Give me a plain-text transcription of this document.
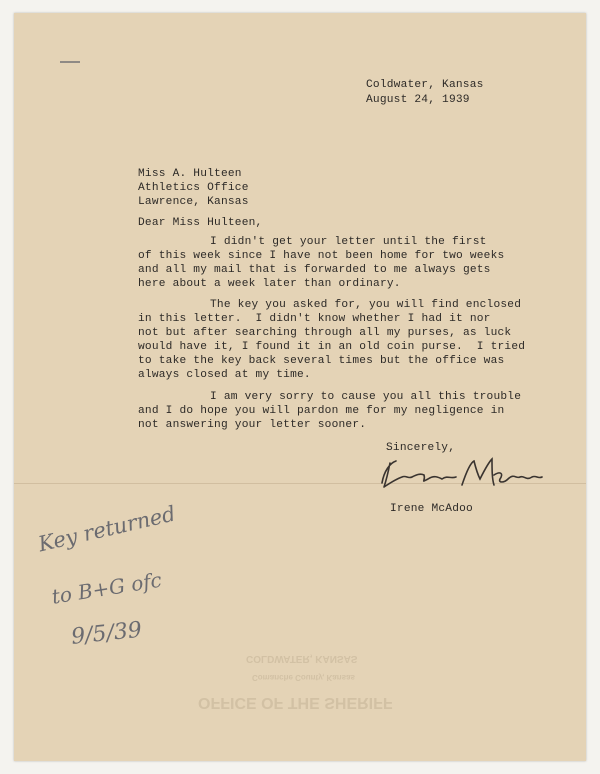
COLDWATER, KANSAS
Comanche County, Kansas
OFFICE OF THE SHERIFF
Coldwater, Kansas
August 24, 1939
Miss A. Hulteen
Athletics Office
Lawrence, Kansas
Dear Miss Hulteen,
I didn't get your letter until the first
of this week since I have not been home for two weeks
and all my mail that is forwarded to me always gets
here about a week later than ordinary.
The key you asked for, you will find enclosed
in this letter.  I didn't know whether I had it nor
not but after searching through all my purses, as luck
would have it, I found it in an old coin purse.  I tried
to take the key back several times but the office was
always closed at my time.
I am very sorry to cause you all this trouble
and I do hope you will pardon me for my negligence in
not answering your letter sooner.
Sincerely,
Irene McAdoo
Irene McAdoo
Key returned
to B+G ofc
9/5/39
